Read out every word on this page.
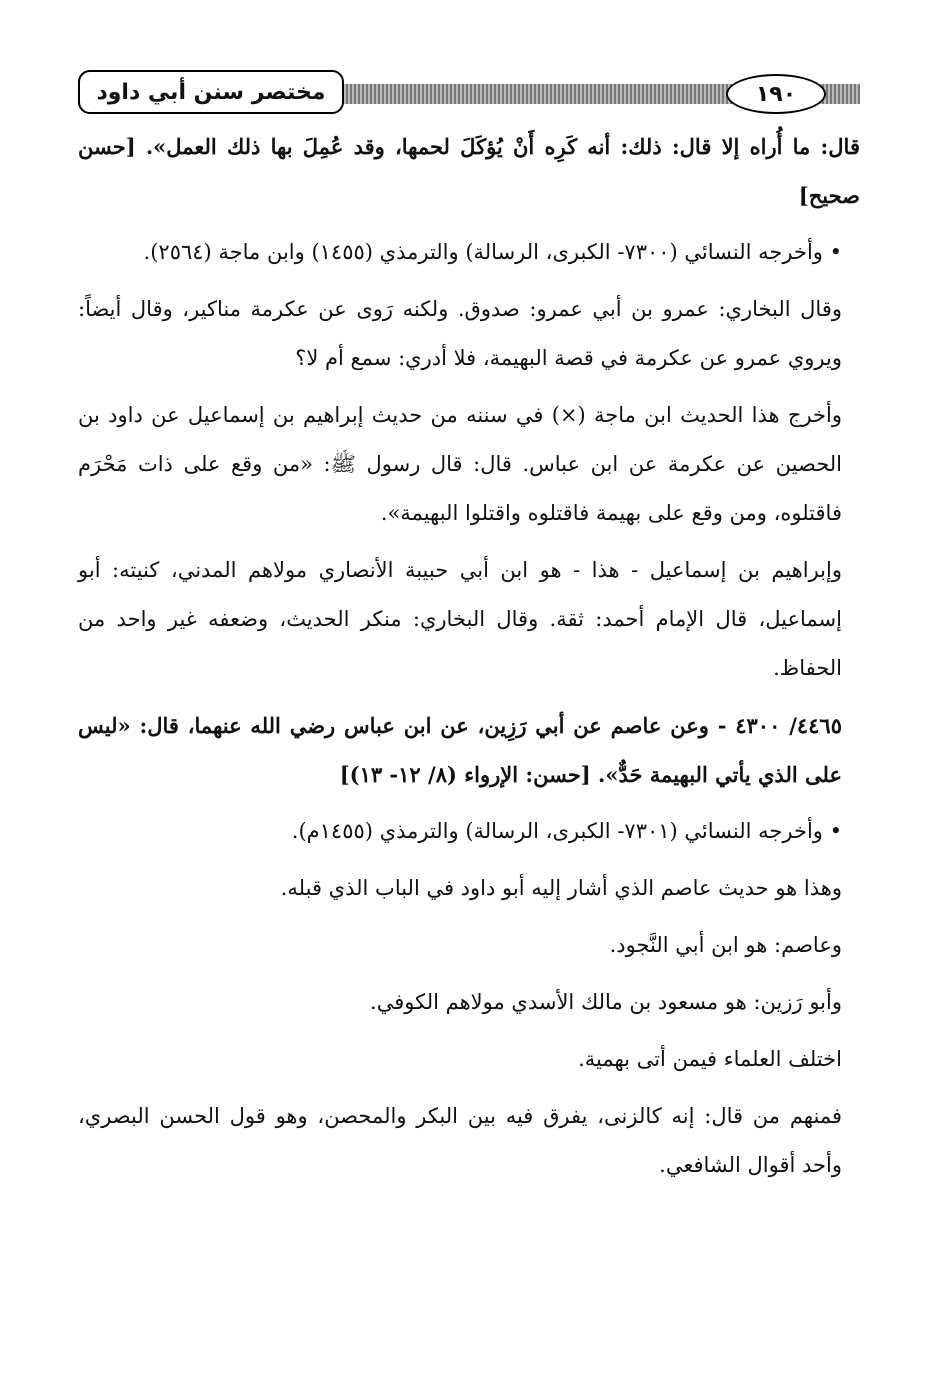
مختصر سنن أبي داود	١٩٠

قال: ما أُراه إلا قال: ذلك: أنه كَرِه أَنْ يُؤكَلَ لحمها، وقد عُمِلَ بها ذلك العمل». [حسن صحيح]

• وأخرجه النسائي (٧٣٠٠- الكبرى، الرسالة) والترمذي (١٤٥٥) وابن ماجة (٢٥٦٤).

وقال البخاري: عمرو بن أبي عمرو: صدوق. ولكنه رَوى عن عكرمة مناكير، وقال أيضاً: ويروي عمرو عن عكرمة في قصة البهيمة، فلا أدري: سمع أم لا؟

وأخرج هذا الحديث ابن ماجة (×) في سننه من حديث إبراهيم بن إسماعيل عن داود بن الحصين عن عكرمة عن ابن عباس. قال: قال رسول ﷺ: «من وقع على ذات مَحْرَم فاقتلوه، ومن وقع على بهيمة فاقتلوه واقتلوا البهيمة».

وإبراهيم بن إسماعيل - هذا - هو ابن أبي حبيبة الأنصاري مولاهم المدني، كنيته: أبو إسماعيل، قال الإمام أحمد: ثقة. وقال البخاري: منكر الحديث، وضعفه غير واحد من الحفاظ.

٤٤٦٥/ ٤٣٠٠ - وعن عاصم عن أبي رَزِين، عن ابن عباس رضي الله عنهما، قال: «ليس على الذي يأتي البهيمة حَدٌّ». [حسن: الإرواء (٨/ ١٢- ١٣)]

• وأخرجه النسائي (٧٣٠١- الكبرى، الرسالة) والترمذي (١٤٥٥م).

وهذا هو حديث عاصم الذي أشار إليه أبو داود في الباب الذي قبله.

وعاصم: هو ابن أبي النَّجود.

وأبو رَزين: هو مسعود بن مالك الأسدي مولاهم الكوفي.

اختلف العلماء فيمن أتى بهمية.

فمنهم من قال: إنه كالزنى، يفرق فيه بين البكر والمحصن، وهو قول الحسن البصري، وأحد أقوال الشافعي.
